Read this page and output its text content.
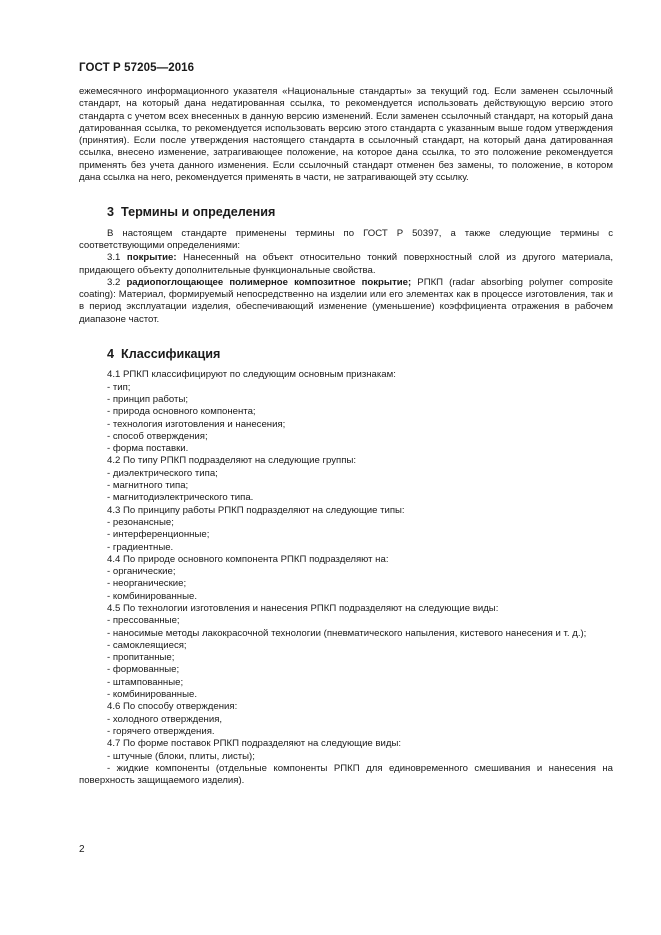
ГОСТ Р 57205—2016

ежемесячного информационного указателя «Национальные стандарты» за текущий год. Если заменен ссылочный стандарт, на который дана недатированная ссылка, то рекомендуется использовать действующую версию этого стандарта с учетом всех внесенных в данную версию изменений. Если заменен ссылочный стандарт, на который дана датированная ссылка, то рекомендуется использовать версию этого стандарта с указанным выше годом утверждения (принятия). Если после утверждения настоящего стандарта в ссылочный стандарт, на который дана датированная ссылка, внесено изменение, затрагивающее положение, на которое дана ссылка, то это положение рекомендуется применять без учета данного изменения. Если ссылочный стандарт отменен без замены, то положение, в котором дана ссылка на него, рекомендуется применять в части, не затрагивающей эту ссылку.

3 Термины и определения

В настоящем стандарте применены термины по ГОСТ Р 50397, а также следующие термины с соответствующими определениями:

3.1 покрытие: Нанесенный на объект относительно тонкий поверхностный слой из другого материала, придающего объекту дополнительные функциональные свойства.

3.2 радиопоглощающее полимерное композитное покрытие; РПКП (radar absorbing polymer composite coating): Материал, формируемый непосредственно на изделии или его элементах как в процессе изготовления, так и в период эксплуатации изделия, обеспечивающий изменение (уменьшение) коэффициента отражения в рабочем диапазоне частот.

4 Классификация

4.1 РПКП классифицируют по следующим основным признакам:

- тип;

- принцип работы;

- природа основного компонента;

- технология изготовления и нанесения;

- способ отверждения;

- форма поставки.

4.2 По типу РПКП подразделяют на следующие группы:

- диэлектрического типа;

- магнитного типа;

- магнитодиэлектрического типа.

4.3 По принципу работы РПКП подразделяют на следующие типы:

- резонансные;

- интерференционные;

- градиентные.

4.4 По природе основного компонента РПКП подразделяют на:

- органические;

- неорганические;

- комбинированные.

4.5 По технологии изготовления и нанесения РПКП подразделяют на следующие виды:

- прессованные;

- наносимые методы лакокрасочной технологии (пневматического напыления, кистевого нанесения и т. д.);

- самоклеящиеся;

- пропитанные;

- формованные;

- штампованные;

- комбинированные.

4.6 По способу отверждения:

- холодного отверждения,

- горячего отверждения.

4.7 По форме поставок РПКП подразделяют на следующие виды:

- штучные (блоки, плиты, листы);

- жидкие компоненты (отдельные компоненты РПКП для единовременного смешивания и нанесения на поверхность защищаемого изделия).

2
